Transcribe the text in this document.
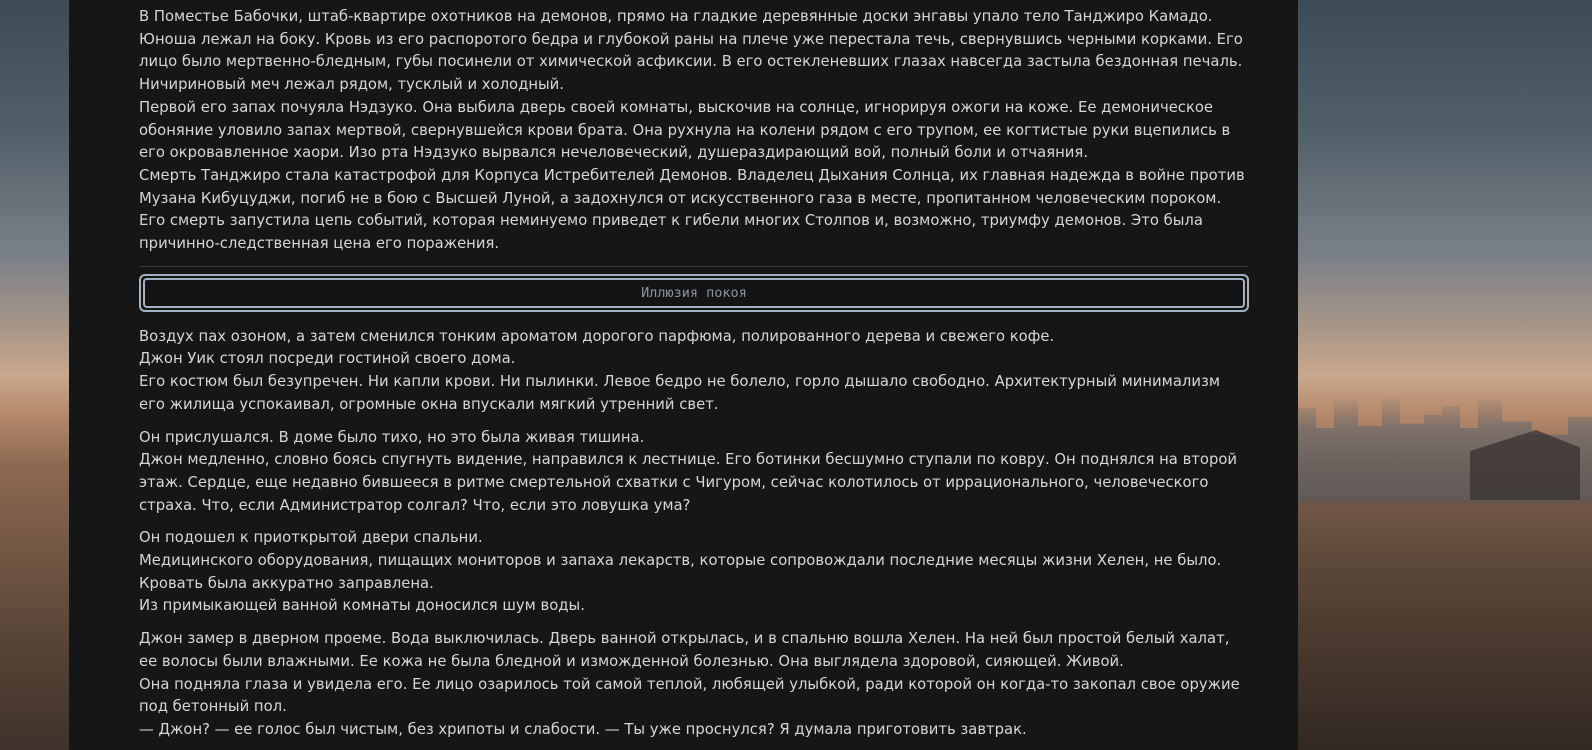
В Поместье Бабочки, штаб-квартире охотников на демонов, прямо на гладкие деревянные доски энгавы упало тело Танджиро Камадо. Юноша лежал на боку. Кровь из его распоротого бедра и глубокой раны на плече уже перестала течь, свернувшись черными корками. Его лицо было мертвенно-бледным, губы посинели от химической асфиксии. В его остекленевших глазах навсегда застыла бездонная печаль. Ничириновый меч лежал рядом, тусклый и холодный.

Первой его запах почуяла Нэдзуко. Она выбила дверь своей комнаты, выскочив на солнце, игнорируя ожоги на коже. Ее демоническое обоняние уловило запах мертвой, свернувшейся крови брата. Она рухнула на колени рядом с его трупом, ее когтистые руки вцепились в его окровавленное хаори. Изо рта Нэдзуко вырвался нечеловеческий, душераздирающий вой, полный боли и отчаяния.

Смерть Танджиро стала катастрофой для Корпуса Истребителей Демонов. Владелец Дыхания Солнца, их главная надежда в войне против Музана Кибуцуджи, погиб не в бою с Высшей Луной, а задохнулся от искусственного газа в месте, пропитанном человеческим пороком. Его смерть запустила цепь событий, которая неминуемо приведет к гибели многих Столпов и, возможно, триумфу демонов. Это была причинно-следственная цена его поражения.

Иллюзия покоя

Воздух пах озоном, а затем сменился тонким ароматом дорогого парфюма, полированного дерева и свежего кофе.

Джон Уик стоял посреди гостиной своего дома.

Его костюм был безупречен. Ни капли крови. Ни пылинки. Левое бедро не болело, горло дышало свободно. Архитектурный минимализм его жилища успокаивал, огромные окна впускали мягкий утренний свет.

Он прислушался. В доме было тихо, но это была живая тишина.

Джон медленно, словно боясь спугнуть видение, направился к лестнице. Его ботинки бесшумно ступали по ковру. Он поднялся на второй этаж. Сердце, еще недавно бившееся в ритме смертельной схватки с Чигуром, сейчас колотилось от иррационального, человеческого страха. Что, если Администратор солгал? Что, если это ловушка ума?

Он подошел к приоткрытой двери спальни.

Медицинского оборудования, пищащих мониторов и запаха лекарств, которые сопровождали последние месяцы жизни Хелен, не было.

Кровать была аккуратно заправлена.

Из примыкающей ванной комнаты доносился шум воды.

Джон замер в дверном проеме. Вода выключилась. Дверь ванной открылась, и в спальню вошла Хелен. На ней был простой белый халат, ее волосы были влажными. Ее кожа не была бледной и изможденной болезнью. Она выглядела здоровой, сияющей. Живой.

Она подняла глаза и увидела его. Ее лицо озарилось той самой теплой, любящей улыбкой, ради которой он когда-то закопал свое оружие под бетонный пол.

— Джон? — ее голос был чистым, без хрипоты и слабости. — Ты уже проснулся? Я думала приготовить завтрак.
